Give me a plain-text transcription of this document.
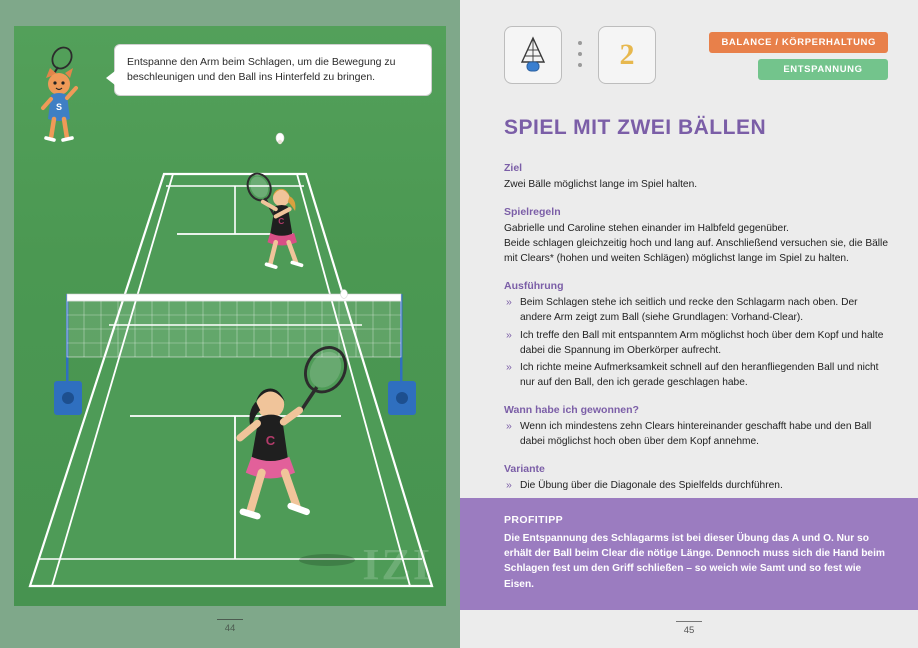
C
C
S
Entspanne den Arm beim Schlagen, um die Bewegung zu beschleunigen und den Ball ins Hinterfeld zu bringen.
IZI
44
2	BALANCE / KÖRPERHALTUNG
ENTSPANNUNG
SPIEL MIT ZWEI BÄLLEN
Ziel

Zwei Bälle möglichst lange im Spiel halten.

Spielregeln

Gabrielle und Caroline stehen einander im Halbfeld gegenüber.

Beide schlagen gleichzeitig hoch und lang auf. Anschließend versuchen sie, die Bälle mit Clears* (hohen und weiten Schlägen) möglichst lange im Spiel zu halten.

Ausführung
» Beim Schlagen stehe ich seitlich und recke den Schlagarm nach oben. Der andere Arm zeigt zum Ball (siehe Grundlagen: Vorhand-Clear).
» Ich treffe den Ball mit entspanntem Arm möglichst hoch über dem Kopf und halte dabei die Spannung im Oberkörper aufrecht.
» Ich richte meine Aufmerksamkeit schnell auf den heranfliegenden Ball und nicht nur auf den Ball, den ich gerade geschlagen habe.
Wann habe ich gewonnen?
» Wenn ich mindestens zehn Clears hintereinander geschafft habe und den Ball dabei möglichst hoch oben über dem Kopf annehme.
Variante
» Die Übung über die Diagonale des Spielfelds durchführen.
PROFITIPP

Die Entspannung des Schlagarms ist bei dieser Übung das A und O. Nur so erhält der Ball beim Clear die nötige Länge. Dennoch muss sich die Hand beim Schlagen fest um den Griff schließen – so weich wie Samt und so fest wie Eisen.

45
